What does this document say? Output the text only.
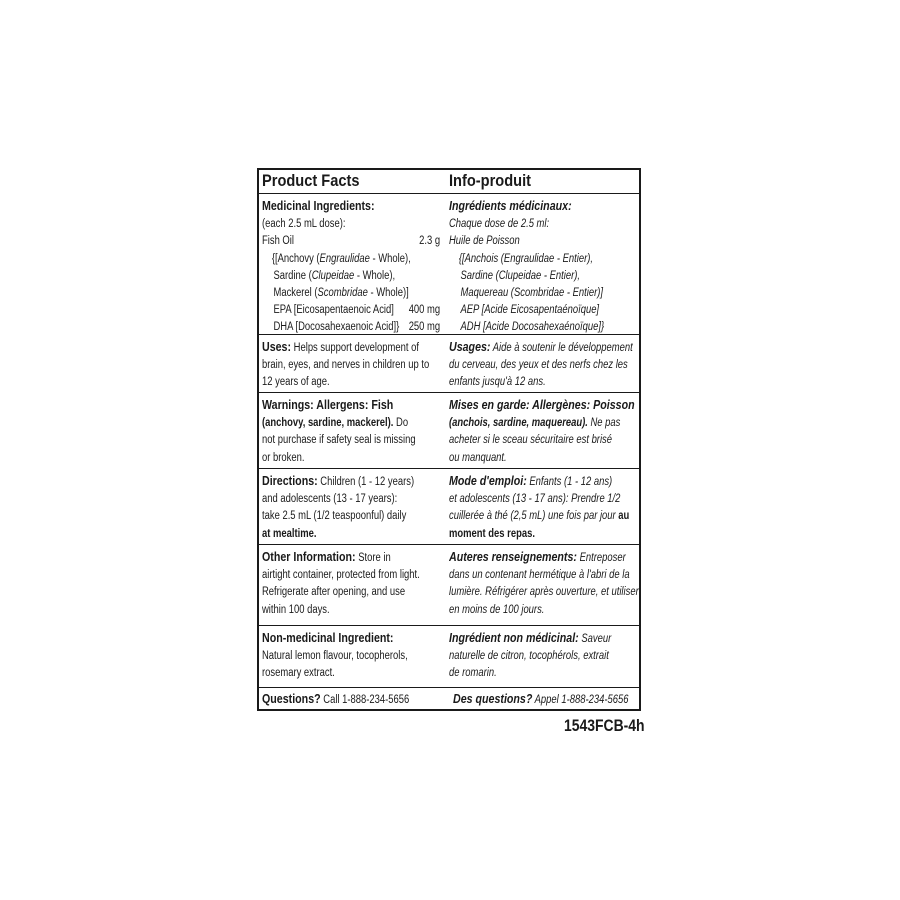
Product Facts	Info-produit
Medicinal Ingredients:
(each 2.5 mL dose):
Fish Oil	2.3 g
{[Anchovy (Engraulidae - Whole),
Sardine (Clupeidae - Whole),
Mackerel (Scombridae - Whole)]
EPA [Eicosapentaenoic Acid] 400 mg
DHA [Docosahexaenoic Acid]} 250 mg
Ingrédients médicinaux:
Chaque dose de 2.5 ml:
Huile de Poisson
{[Anchois (Engraulidae - Entier),
Sardine (Clupeidae - Entier),
Maquereau (Scombridae - Entier)]
AEP [Acide Eicosapentaénoïque]
ADH [Acide Docosahexaénoïque]}
Uses: Helps support development of
brain, eyes, and nerves in children up to
12 years of age.
Usages: Aide à soutenir le développement
du cerveau, des yeux et des nerfs chez les
enfants jusqu'à 12 ans.
Warnings: Allergens: Fish
(anchovy, sardine, mackerel). Do
not purchase if safety seal is missing
or broken.
Mises en garde: Allergènes: Poisson
(anchois, sardine, maquereau). Ne pas
acheter si le sceau sécuritaire est brisé
ou manquant.
Directions: Children (1 - 12 years)
and adolescents (13 - 17 years):
take 2.5 mL (1/2 teaspoonful) daily
at mealtime.
Mode d'emploi: Enfants (1 - 12 ans)
et adolescents (13 - 17 ans): Prendre 1/2
cuillerée à thé (2,5 mL) une fois par jour au
moment des repas.
Other Information: Store in
airtight container, protected from light.
Refrigerate after opening, and use
within 100 days.
Auteres renseignements: Entreposer
dans un contenant hermétique à l'abri de la
lumière. Réfrigérer après ouverture, et utiliser
en moins de 100 jours.
Non-medicinal Ingredient:
Natural lemon flavour, tocopherols,
rosemary extract.
Ingrédient non médicinal: Saveur
naturelle de citron, tocophérols, extrait
de romarin.
Questions? Call 1-888-234-5656	Des questions? Appel 1-888-234-5656
1543FCB-4h
